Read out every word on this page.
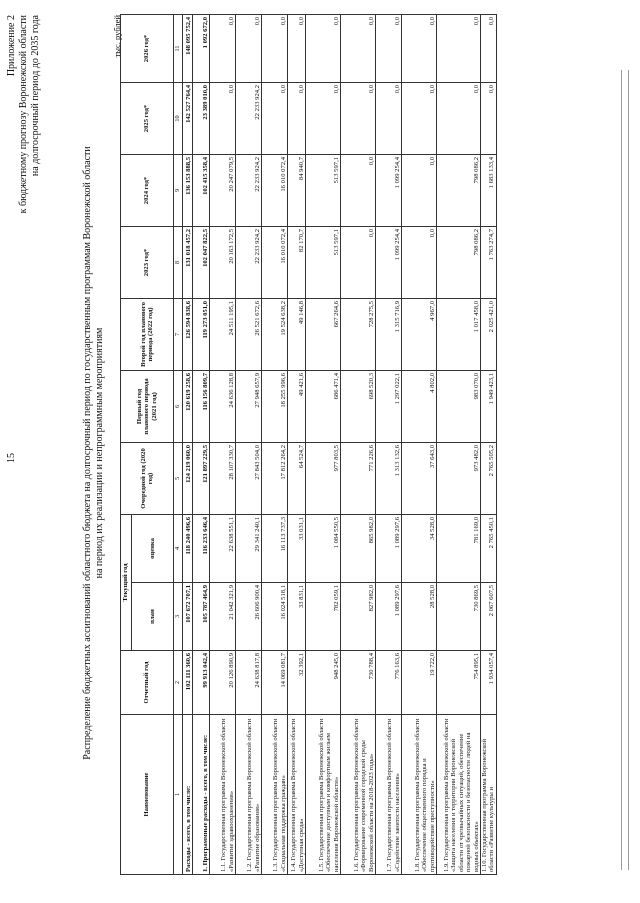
15
Приложение 2 к бюджетному прогнозу Воронежской области на долгосрочный период до 2035 года
Распределение бюджетных ассигнований областного бюджета на долгосрочный период по государственным программам Воронежской области на период их реализации и непрограммным мероприятиям
тыс. рублей
Наименование	Отчетный год	Текущий год		Очередной год (2020 год)	Первый год планового периода (2021 год)	Второй год планового периода (2022 год)	2023 год*	2024 год*	2025 год*	2026 год*
		план	оценка							
1	2	3	4	5	6	7	8	9	10	11
Расходы - всего, в том числе:	102 111 360,6	107 672 707,1	118 240 496,6	124 219 060,0	120 619 258,6	126 594 838,6	131 018 457,2	136 153 888,5	142 527 764,4	148 095 752,4
1. Программные расходы - всего, в том числе:	99 913 042,4	105 787 464,9	116 233 646,4	121 897 229,5	116 156 809,7	119 273 051,0	102 047 822,5	102 415 358,4	23 389 010,0	1 092 672,0
1.1. Государственная программа Воронежской области «Развитие здравоохранения»	20 126 890,9	21 042 321,9	22 638 551,1	28 107 330,7	24 636 128,8	24 511 195,1	20 163 172,5	20 247 079,5	0,0	0,0
1.2. Государственная программа Воронежской области «Развитие образования»	24 638 817,8	26 606 900,4	29 341 240,1	27 843 504,0	27 948 657,9	26 521 672,6	22 233 924,2	22 233 924,2	22 233 924,2	0,0
1.3. Государственная программа Воронежской области «Социальная поддержка граждан»	14 069 081,7	16 024 518,1	16 113 737,3	17 812 264,2	18 255 996,6	19 524 638,2	16 010 072,4	16 010 072,4	0,0	0,0
1.4. Государственная программа Воронежской области «Доступная среда»	32 392,1	33 831,1	33 031,1	64 524,7	49 421,6	49 146,8	82 170,7	84 940,7	0,0	0,0
1.5. Государственная программа Воронежской области «Обеспечение доступным и комфортным жильем населения Воронежской области»	948 245,0	782 059,1	1 084 550,5	977 803,5	686 471,4	667 264,6	513 597,1	513 597,1	0,0	0,0
1.6. Государственная программа Воронежской области «Формирование современной городской среды Воронежской области на 2018-2023 годы»	730 788,4	827 982,0	865 982,0	771 226,6	698 520,3	728 275,5	0,0	0,0	0,0	0,0
1.7. Государственная программа Воронежской области «Содействие занятости населения»	776 163,6	1 089 297,6	1 089 297,6	1 313 132,6	1 297 022,1	1 315 716,9	1 099 254,4	1 099 254,4	0,0	0,0
1.8. Государственная программа Воронежской области «Обеспечение общественного порядка и противодействие преступности»	19 722,0	28 528,0	34 528,0	37 643,0	4 802,0	4 967,0	0,0	0,0	0,0	0,0
1.9. Государственная программа Воронежской области «Защита населения и территории Воронежской области от чрезвычайных ситуаций, обеспечение пожарной безопасности и безопасности людей на водных объектах»	754 895,1	730 869,5	781 169,0	973 482,0	983 070,0	1 017 458,0	798 086,2	798 086,2	0,0	0,0
1.10. Государственная программа Воронежской области «Развитие культуры и	1 934 057,4	2 067 607,5	2 765 450,1	2 765 505,2	1 949 423,1	2 025 421,0	1 763 274,7	1 683 133,4	0,0	0,0
